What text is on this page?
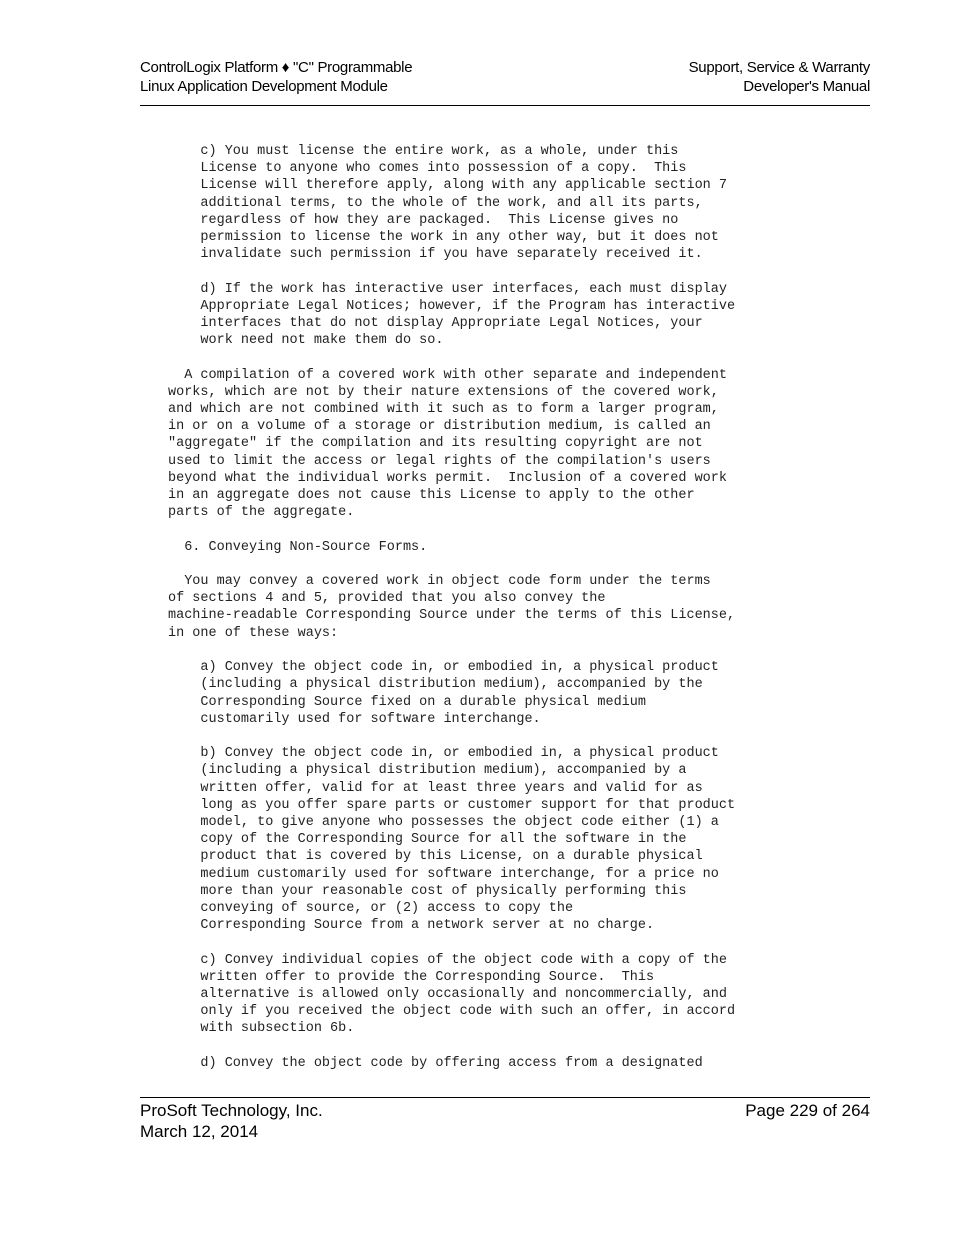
ControlLogix Platform ♦ "C" Programmable
Linux Application Development Module
Support, Service & Warranty
Developer's Manual
c) You must license the entire work, as a whole, under this
License to anyone who comes into possession of a copy.  This
License will therefore apply, along with any applicable section 7
additional terms, to the whole of the work, and all its parts,
regardless of how they are packaged.  This License gives no
permission to license the work in any other way, but it does not
invalidate such permission if you have separately received it.

d) If the work has interactive user interfaces, each must display
Appropriate Legal Notices; however, if the Program has interactive
interfaces that do not display Appropriate Legal Notices, your
work need not make them do so.

A compilation of a covered work with other separate and independent
works, which are not by their nature extensions of the covered work,
and which are not combined with it such as to form a larger program,
in or on a volume of a storage or distribution medium, is called an
"aggregate" if the compilation and its resulting copyright are not
used to limit the access or legal rights of the compilation's users
beyond what the individual works permit.  Inclusion of a covered work
in an aggregate does not cause this License to apply to the other
parts of the aggregate.

6. Conveying Non-Source Forms.

You may convey a covered work in object code form under the terms
of sections 4 and 5, provided that you also convey the
machine-readable Corresponding Source under the terms of this License,
in one of these ways:

a) Convey the object code in, or embodied in, a physical product
(including a physical distribution medium), accompanied by the
Corresponding Source fixed on a durable physical medium
customarily used for software interchange.

b) Convey the object code in, or embodied in, a physical product
(including a physical distribution medium), accompanied by a
written offer, valid for at least three years and valid for as
long as you offer spare parts or customer support for that product
model, to give anyone who possesses the object code either (1) a
copy of the Corresponding Source for all the software in the
product that is covered by this License, on a durable physical
medium customarily used for software interchange, for a price no
more than your reasonable cost of physically performing this
conveying of source, or (2) access to copy the
Corresponding Source from a network server at no charge.

c) Convey individual copies of the object code with a copy of the
written offer to provide the Corresponding Source.  This
alternative is allowed only occasionally and noncommercially, and
only if you received the object code with such an offer, in accord
with subsection 6b.

d) Convey the object code by offering access from a designated
ProSoft Technology, Inc.
March 12, 2014
Page 229 of 264
